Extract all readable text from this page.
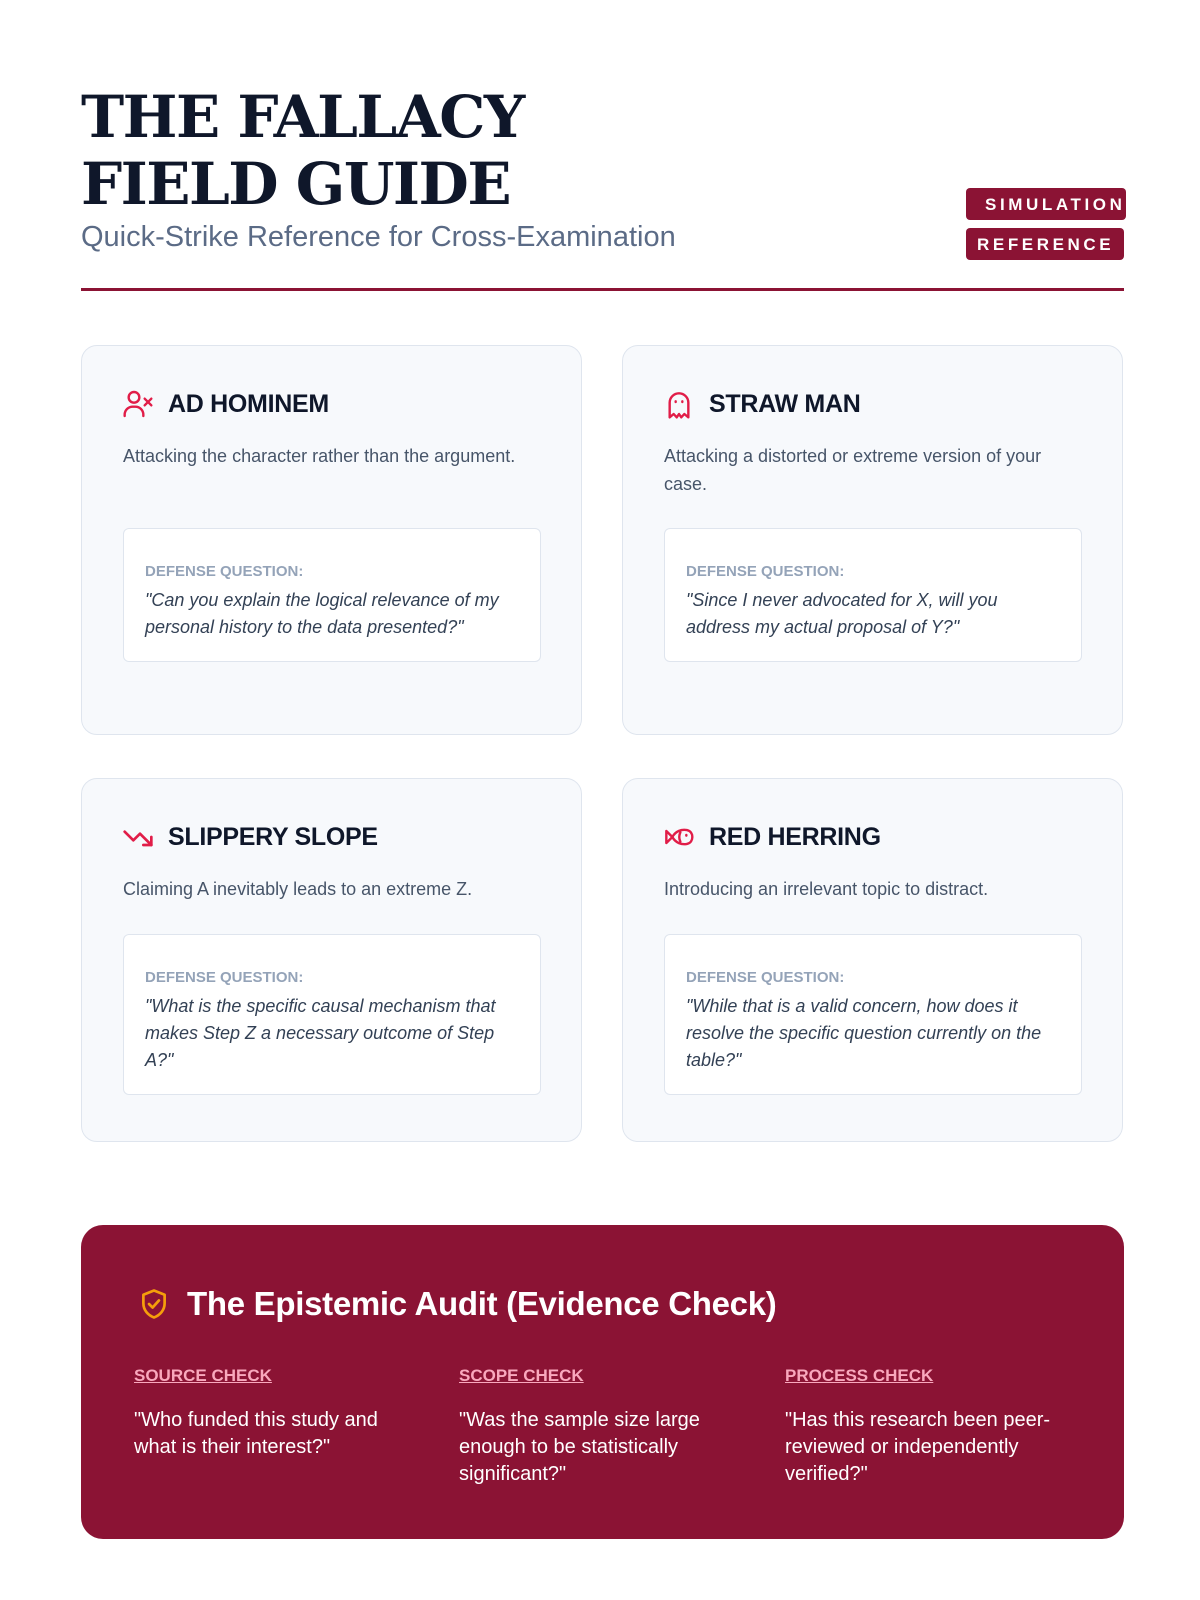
THE FALLACY FIELD GUIDE

Quick-Strike Reference for Cross-Examination

SIMULATION
REFERENCE
AD HOMINEM

Attacking the character rather than the argument.

DEFENSE QUESTION:

"Can you explain the logical relevance of my personal history to the data presented?"

STRAW MAN

Attacking a distorted or extreme version of your case.

DEFENSE QUESTION:

"Since I never advocated for X, will you address my actual proposal of Y?"

SLIPPERY SLOPE

Claiming A inevitably leads to an extreme Z.

DEFENSE QUESTION:

"What is the specific causal mechanism that makes Step Z a necessary outcome of Step A?"

RED HERRING

Introducing an irrelevant topic to distract.

DEFENSE QUESTION:

"While that is a valid concern, how does it resolve the specific question currently on the table?"

The Epistemic Audit (Evidence Check)
SOURCE CHECK

"Who funded this study and what is their interest?"

SCOPE CHECK

"Was the sample size large enough to be statistically significant?"

PROCESS CHECK

"Has this research been peer-reviewed or independently verified?"
